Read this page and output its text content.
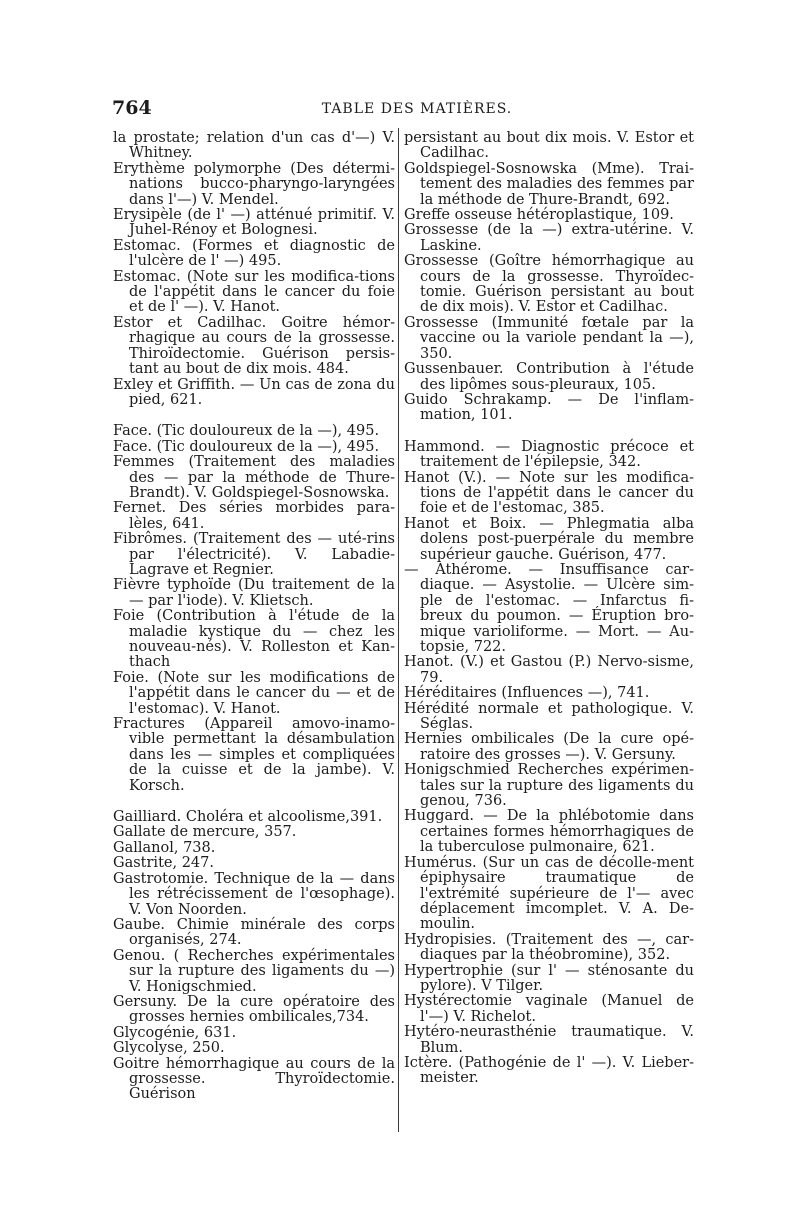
764	TABLE DES MATIÈRES.

la prostate; relation d'un cas d'—) V. Whitney.

Erythème polymorphe (Des détermi-nations bucco-pharyngo-laryngées dans l'—) V. Mendel.

Erysipèle (de l' —) atténué primitif. V. Juhel-Rénoy et Bolognesi.

Estomac. (Formes et diagnostic de l'ulcère de l' —) 495.

Estomac. (Note sur les modifica-tions de l'appétit dans le cancer du foie et de l' —). V. Hanot.

Estor et Cadilhac. Goitre hémor-rhagique au cours de la grossesse. Thiroïdectomie. Guérison persis-tant au bout de dix mois. 484.

Exley et Griffith. — Un cas de zona du pied, 621.

Face. (Tic douloureux de la —), 495.

Face. (Tic douloureux de la —), 495.

Femmes (Traitement des maladies des — par la méthode de Thure-Brandt). V. Goldspiegel-Sosnowska.

Fernet. Des séries morbides para-lèles, 641.

Fibrômes. (Traitement des — uté-rins par l'électricité). V. Labadie-Lagrave et Regnier.

Fièvre typhoïde (Du traitement de la — par l'iode). V. Klietsch.

Foie (Contribution à l'étude de la maladie kystique du — chez les nouveau-nés). V. Rolleston et Kan-thach

Foie. (Note sur les modifications de l'appétit dans le cancer du — et de l'estomac). V. Hanot.

Fractures (Appareil amovo-inamo-vible permettant la désambulation dans les — simples et compliquées de la cuisse et de la jambe). V. Korsch.

Gailliard. Choléra et alcoolisme,391.

Gallate de mercure, 357.

Gallanol, 738.

Gastrite, 247.

Gastrotomie. Technique de la — dans les rétrécissement de l'œsophage). V. Von Noorden.

Gaube. Chimie minérale des corps organisés, 274.

Genou. ( Recherches expérimentales sur la rupture des ligaments du —) V. Honigschmied.

Gersuny. De la cure opératoire des grosses hernies ombilicales,734.

Glycogénie, 631.

Glycolyse, 250.

Goitre hémorrhagique au cours de la grossesse. Thyroïdectomie. Guérison

persistant au bout dix mois. V. Estor et Cadilhac.

Goldspiegel-Sosnowska (Mme). Trai-tement des maladies des femmes par la méthode de Thure-Brandt, 692.

Greffe osseuse hétéroplastique, 109.

Grossesse (de la —) extra-utérine. V. Laskine.

Grossesse (Goître hémorrhagique au cours de la grossesse. Thyroïdec-tomie. Guérison persistant au bout de dix mois). V. Estor et Cadilhac.

Grossesse (Immunité fœtale par la vaccine ou la variole pendant la —), 350.

Gussenbauer. Contribution à l'étude des lipômes sous-pleuraux, 105.

Guido Schrakamp. — De l'inflam-mation, 101.

Hammond. — Diagnostic précoce et traitement de l'épilepsie, 342.

Hanot (V.). — Note sur les modifica-tions de l'appétit dans le cancer du foie et de l'estomac, 385.

Hanot et Boix. — Phlegmatia alba dolens post-puerpérale du membre supérieur gauche. Guérison, 477.

— Athérome. — Insuffisance car-diaque. — Asystolie. — Ulcère sim-ple de l'estomac. — Infarctus fi-breux du poumon. — Éruption bro-mique varioliforme. — Mort. — Au-topsie, 722.

Hanot. (V.) et Gastou (P.) Nervo-sisme, 79.

Héréditaires (Influences —), 741.

Hérédité normale et pathologique. V. Séglas.

Hernies ombilicales (De la cure opé-ratoire des grosses —). V. Gersuny.

Honigschmied Recherches expérimen-tales sur la rupture des ligaments du genou, 736.

Huggard. — De la phlébotomie dans certaines formes hémorrhagiques de la tuberculose pulmonaire, 621.

Humérus. (Sur un cas de décolle-ment épiphysaire traumatique de l'extrémité supérieure de l'— avec déplacement imcomplet. V. A. De-moulin.

Hydropisies. (Traitement des —, car-diaques par la théobromine), 352.

Hypertrophie (sur l' — sténosante du pylore). V Tilger.

Hystérectomie vaginale (Manuel de l'—) V. Richelot.

Hytéro-neurasthénie traumatique. V. Blum.

Ictère. (Pathogénie de l' —). V. Lieber-meister.
